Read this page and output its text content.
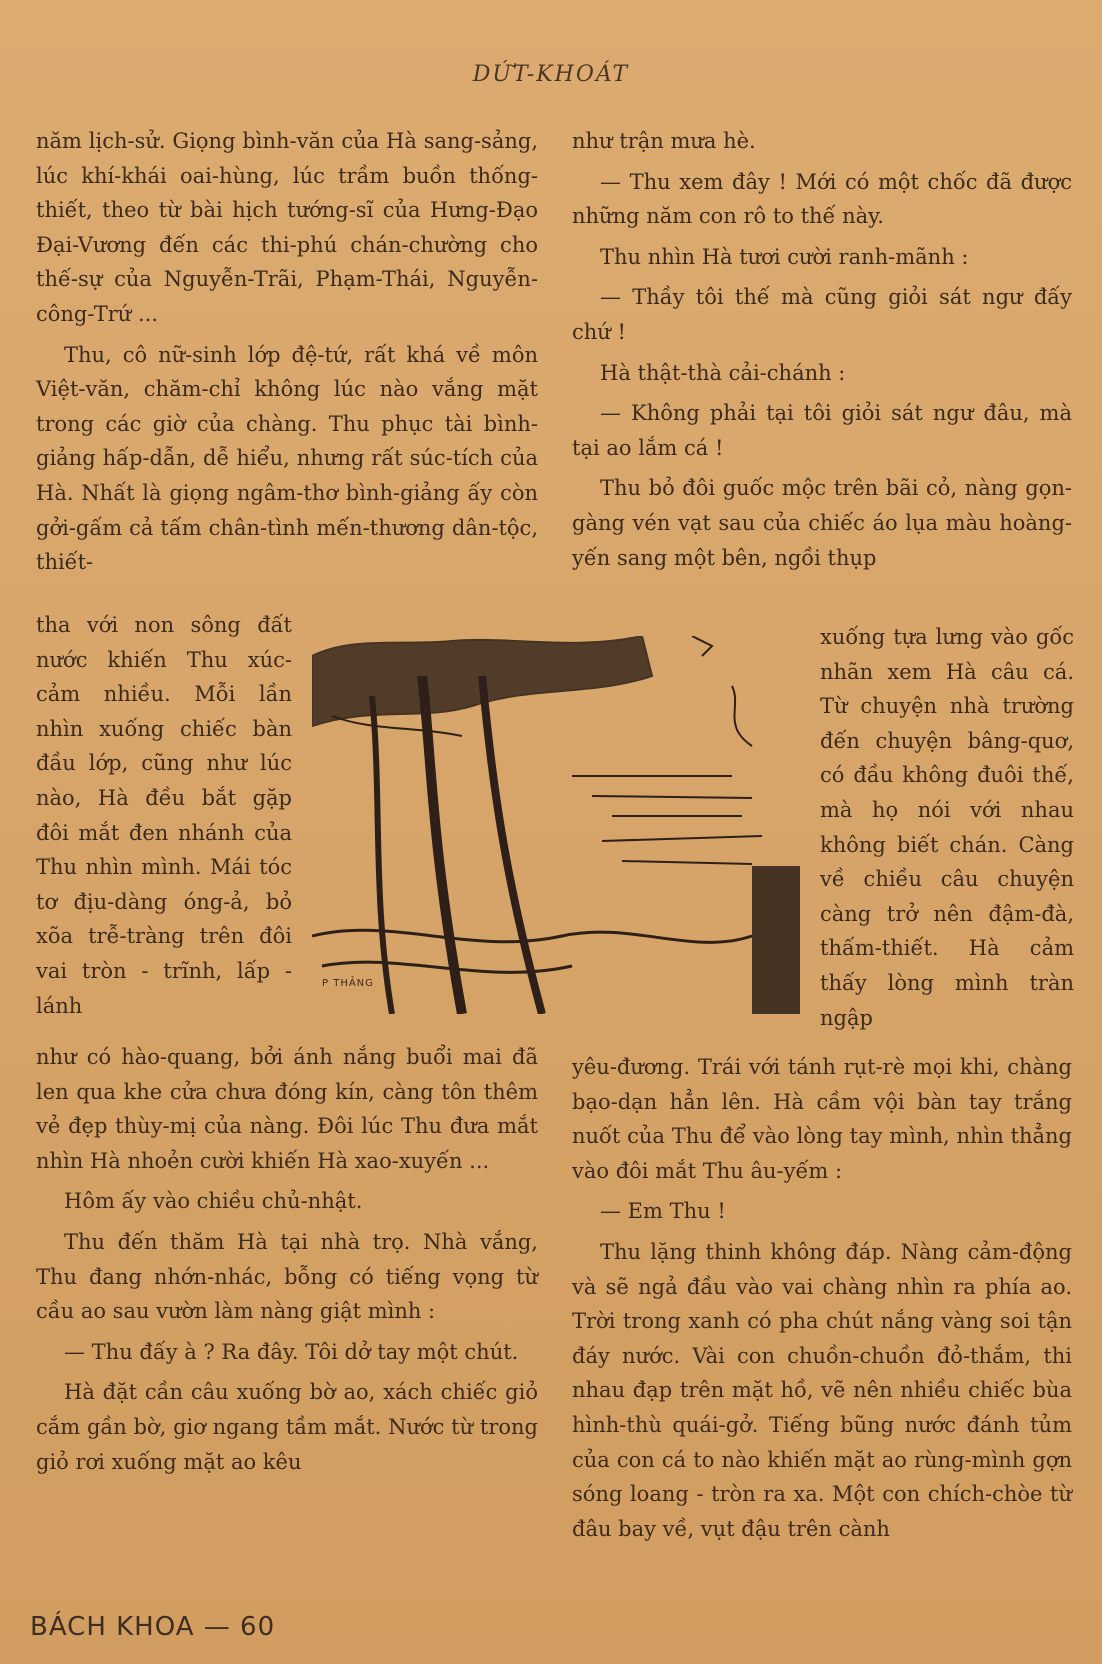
DỨT-KHOÁT

năm lịch-sử. Giọng bình-văn của Hà sang-sảng, lúc khí-khái oai-hùng, lúc trầm buồn thống-thiết, theo từ bài hịch tướng-sĩ của Hưng-Đạo Đại-Vương đến các thi-phú chán-chường cho thế-sự của Nguyễn-Trãi, Phạm-Thái, Nguyễn-công-Trứ ...

Thu, cô nữ-sinh lớp đệ-tứ, rất khá về môn Việt-văn, chăm-chỉ không lúc nào vắng mặt trong các giờ của chàng. Thu phục tài bình-giảng hấp-dẫn, dễ hiểu, nhưng rất súc-tích của Hà. Nhất là giọng ngâm-thơ bình-giảng ấy còn gởi-gấm cả tấm chân-tình mến-thương dân-tộc, thiết-

tha với non sông đất nước khiến Thu xúc-cảm nhiều. Mỗi lần nhìn xuống chiếc bàn đầu lớp, cũng như lúc nào, Hà đều bắt gặp đôi mắt đen nhánh của Thu nhìn mình. Mái tóc tơ địu-dàng óng-ả, bỏ xõa trễ-tràng trên đôi vai tròn - trĩnh, lấp - lánh

như có hào-quang, bởi ánh nắng buổi mai đã len qua khe cửa chưa đóng kín, càng tôn thêm vẻ đẹp thùy-mị của nàng. Đôi lúc Thu đưa mắt nhìn Hà nhoẻn cười khiến Hà xao-xuyến ...

Hôm ấy vào chiều chủ-nhật.

Thu đến thăm Hà tại nhà trọ. Nhà vắng, Thu đang nhớn-nhác, bỗng có tiếng vọng từ cầu ao sau vườn làm nàng giật mình :

— Thu đấy à ? Ra đây. Tôi dở tay một chút.

Hà đặt cần câu xuống bờ ao, xách chiếc giỏ cắm gần bờ, giơ ngang tầm mắt. Nước từ trong giỏ rơi xuống mặt ao kêu

như trận mưa hè.

— Thu xem đây ! Mới có một chốc đã được những năm con rô to thế này.

Thu nhìn Hà tươi cười ranh-mãnh :

— Thầy tôi thế mà cũng giỏi sát ngư đấy chứ !

Hà thật-thà cải-chánh :

— Không phải tại tôi giỏi sát ngư đâu, mà tại ao lắm cá !

Thu bỏ đôi guốc mộc trên bãi cỏ, nàng gọn-gàng vén vạt sau của chiếc áo lụa màu hoàng-yến sang một bên, ngồi thụp

P THẢNG

xuống tựa lưng vào gốc nhãn xem Hà câu cá. Từ chuyện nhà trường đến chuyện bâng-quơ, có đầu không đuôi thế, mà họ nói với nhau không biết chán. Càng về chiều câu chuyện càng trở nên đậm-đà, thấm-thiết. Hà cảm thấy lòng mình tràn ngập

yêu-đương. Trái với tánh rụt-rè mọi khi, chàng bạo-dạn hẳn lên. Hà cầm vội bàn tay trắng nuốt của Thu để vào lòng tay mình, nhìn thẳng vào đôi mắt Thu âu-yếm :

— Em Thu !

Thu lặng thinh không đáp. Nàng cảm-động và sẽ ngả đầu vào vai chàng nhìn ra phía ao. Trời trong xanh có pha chút nắng vàng soi tận đáy nước. Vài con chuồn-chuồn đỏ-thắm, thi nhau đạp trên mặt hồ, vẽ nên nhiều chiếc bùa hình-thù quái-gở. Tiếng bũng nước đánh tủm của con cá to nào khiến mặt ao rùng-mình gợn sóng loang - tròn ra xa. Một con chích-chòe từ đâu bay về, vụt đậu trên cành

BÁCH KHOA — 60
